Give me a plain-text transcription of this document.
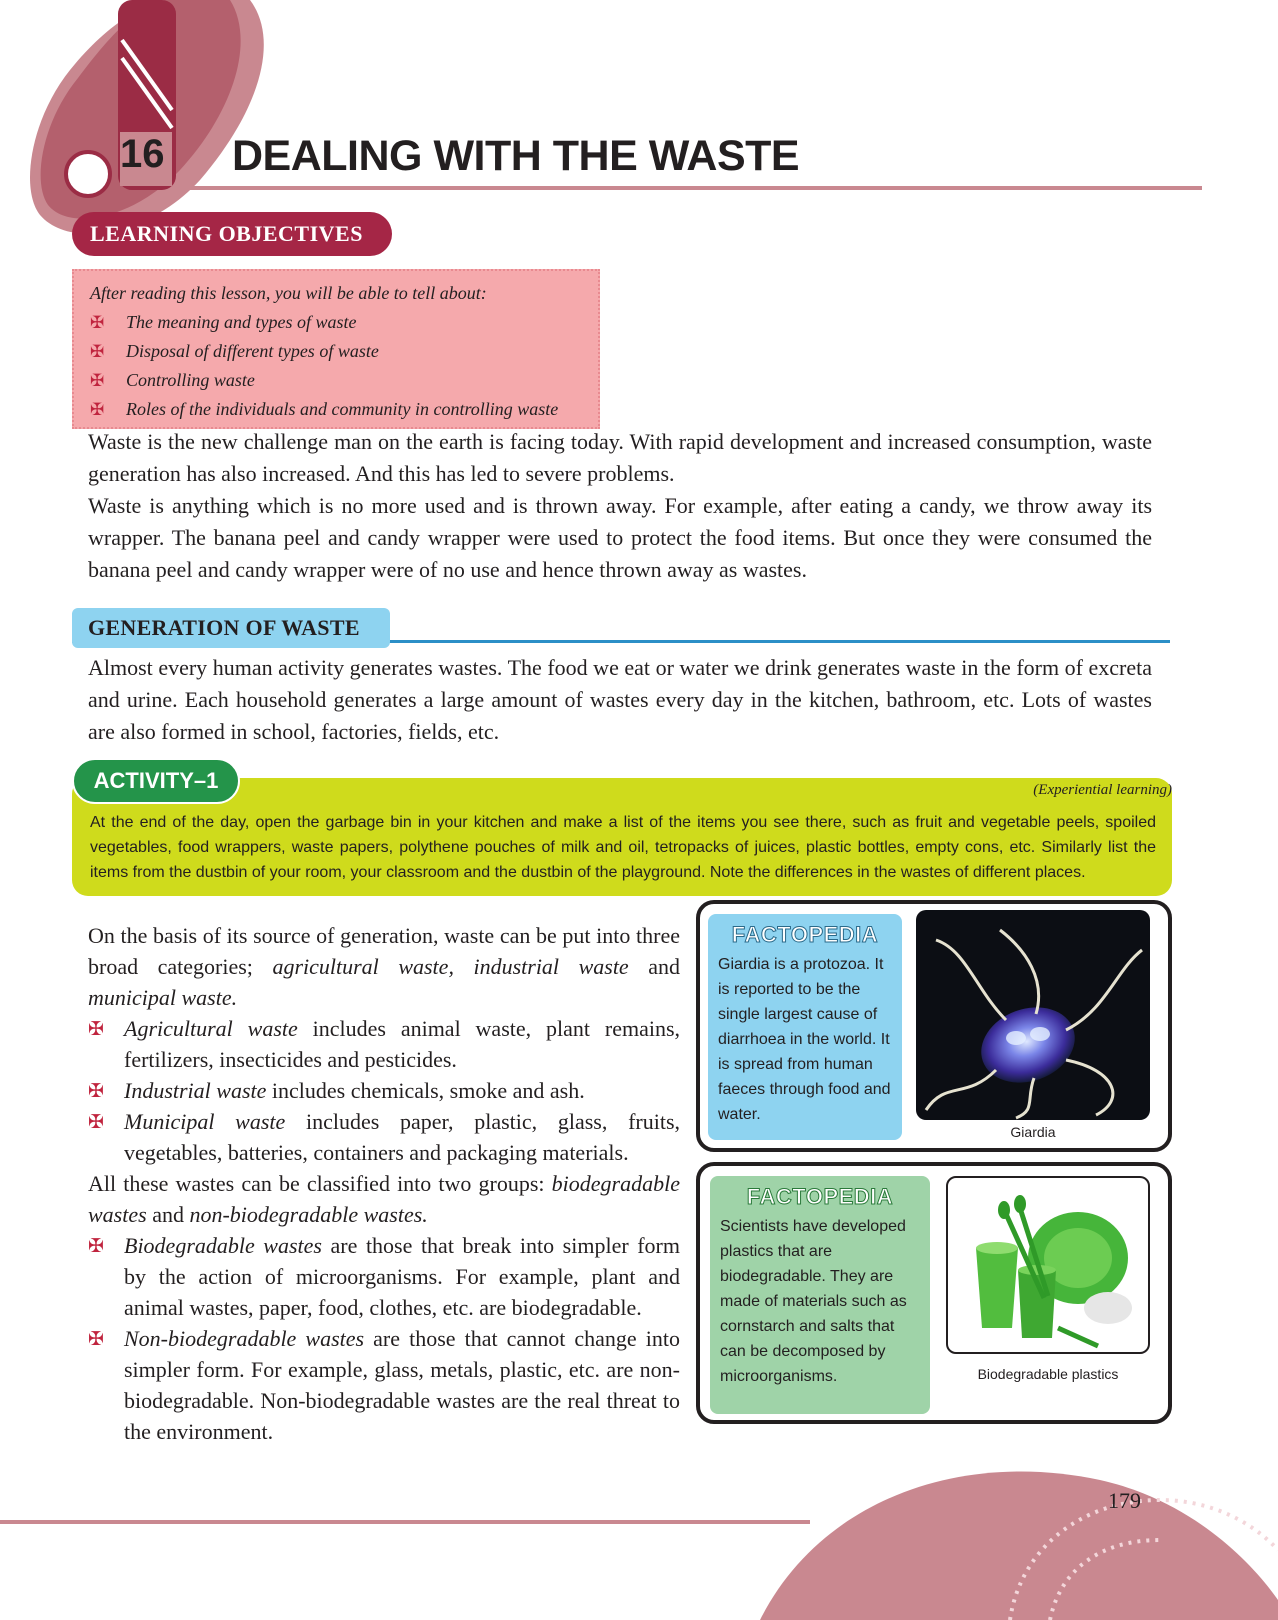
16 DEALING WITH THE WASTE
LEARNING OBJECTIVES
After reading this lesson, you will be able to tell about:
✠ The meaning and types of waste
✠ Disposal of different types of waste
✠ Controlling waste
✠ Roles of the individuals and community in controlling waste
Waste is the new challenge man on the earth is facing today. With rapid development and increased consumption, waste generation has also increased. And this has led to severe problems.
Waste is anything which is no more used and is thrown away. For example, after eating a candy, we throw away its wrapper. The banana peel and candy wrapper were used to protect the food items. But once they were consumed the banana peel and candy wrapper were of no use and hence thrown away as wastes.
GENERATION OF WASTE
Almost every human activity generates wastes. The food we eat or water we drink generates waste in the form of excreta and urine. Each household generates a large amount of wastes every day in the kitchen, bathroom, etc. Lots of wastes are also formed in school, factories, fields, etc.
ACTIVITY–1	(Experiential learning)
At the end of the day, open the garbage bin in your kitchen and make a list of the items you see there, such as fruit and vegetable peels, spoiled vegetables, food wrappers, waste papers, polythene pouches of milk and oil, tetropacks of juices, plastic bottles, empty cons, etc. Similarly list the items from the dustbin of your room, your classroom and the dustbin of the playground. Note the differences in the wastes of different places.
On the basis of its source of generation, waste can be put into three broad categories; agricultural waste, industrial waste and municipal waste.
✠ Agricultural waste includes animal waste, plant remains, fertilizers, insecticides and pesticides.
✠ Industrial waste includes chemicals, smoke and ash.
✠ Municipal waste includes paper, plastic, glass, fruits, vegetables, batteries, containers and packaging materials.
All these wastes can be classified into two groups: biodegradable wastes and non-biodegradable wastes.
✠ Biodegradable wastes are those that break into simpler form by the action of microorganisms. For example, plant and animal wastes, paper, food, clothes, etc. are biodegradable.
✠ Non-biodegradable wastes are those that cannot change into simpler form. For example, glass, metals, plastic, etc. are non-biodegradable. Non-biodegradable wastes are the real threat to the environment.
FACTOPEDIA
Giardia is a protozoa. It is reported to be the single largest cause of diarrhoea in the world. It is spread from human faeces through food and water.
Giardia
FACTOPEDIA
Scientists have developed plastics that are biodegradable. They are made of materials such as cornstarch and salts that can be decomposed by microorganisms.	Biodegradable plastics
179
